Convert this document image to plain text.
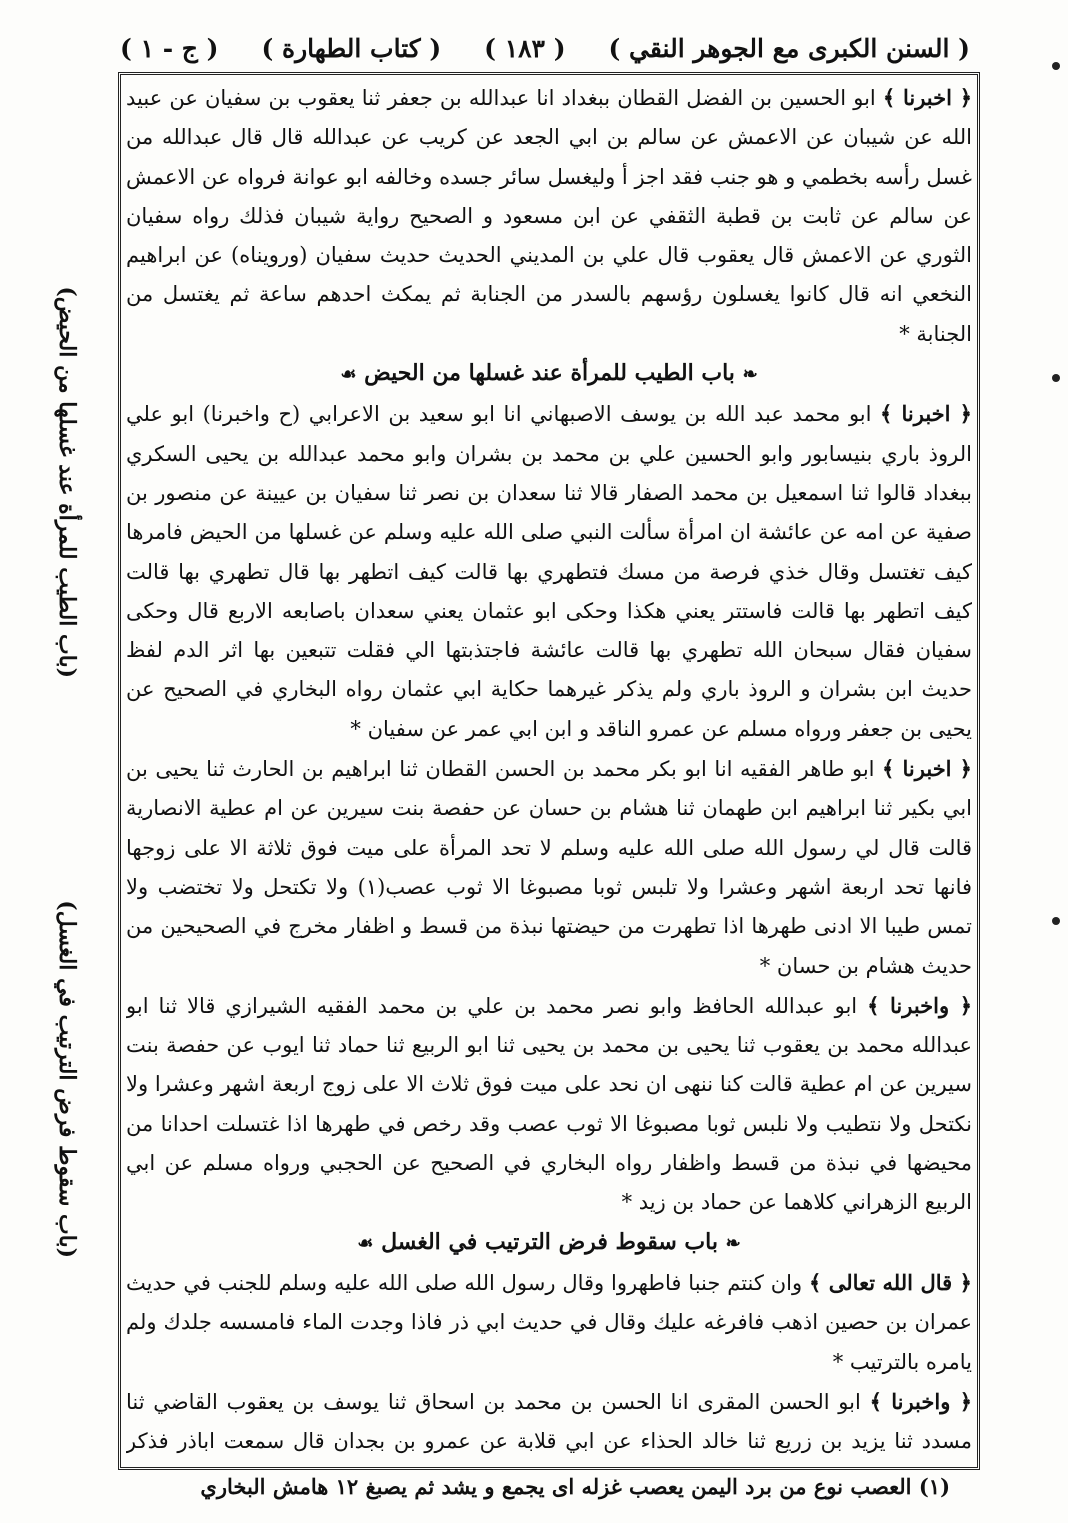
( السنن الكبرى مع الجوهر النقي )
( ١٨٣ )
( كتاب الطهارة )
( ج - ١ )

﴿ اخبرنا ﴾ ابو الحسين بن الفضل القطان ببغداد انا عبدالله بن جعفر ثنا يعقوب بن سفيان عن عبيد الله عن شيبان عن الاعمش عن سالم بن ابي الجعد عن كريب عن عبدالله قال قال عبدالله من غسل رأسه بخطمي و هو جنب فقد اجز أ وليغسل سائر جسده وخالفه ابو عوانة فرواه عن الاعمش عن سالم عن ثابت بن قطبة الثقفي عن ابن مسعود و الصحيح رواية شيبان فذلك رواه سفيان الثوري عن الاعمش قال يعقوب قال علي بن المديني الحديث حديث سفيان (ورويناه) عن ابراهيم النخعي انه قال كانوا يغسلون رؤسهم بالسدر من الجنابة ثم يمكث احدهم ساعة ثم يغتسل من الجنابة *

❧ باب الطيب للمرأة عند غسلها من الحيض ☙

﴿ اخبرنا ﴾ ابو محمد عبد الله بن يوسف الاصبهاني انا ابو سعيد بن الاعرابي (ح واخبرنا) ابو علي الروذ باري بنيسابور وابو الحسين علي بن محمد بن بشران وابو محمد عبدالله بن يحيى السكري ببغداد قالوا ثنا اسمعيل بن محمد الصفار قالا ثنا سعدان بن نصر ثنا سفيان بن عيينة عن منصور بن صفية عن امه عن عائشة ان امرأة سألت النبي صلى الله عليه وسلم عن غسلها من الحيض فامرها كيف تغتسل وقال خذي فرصة من مسك فتطهري بها قالت كيف اتطهر بها قال تطهري بها قالت كيف اتطهر بها قالت فاستتر يعني هكذا وحكى ابو عثمان يعني سعدان باصابعه الاربع قال وحكى سفيان فقال سبحان الله تطهري بها قالت عائشة فاجتذبتها الي فقلت تتبعين بها اثر الدم لفظ حديث ابن بشران و الروذ باري ولم يذكر غيرهما حكاية ابي عثمان رواه البخاري في الصحيح عن يحيى بن جعفر ورواه مسلم عن عمرو الناقد و ابن ابي عمر عن سفيان *

﴿ اخبرنا ﴾ ابو طاهر الفقيه انا ابو بكر محمد بن الحسن القطان ثنا ابراهيم بن الحارث ثنا يحيى بن ابي بكير ثنا ابراهيم ابن طهمان ثنا هشام بن حسان عن حفصة بنت سيرين عن ام عطية الانصارية قالت قال لي رسول الله صلى الله عليه وسلم لا تحد المرأة على ميت فوق ثلاثة الا على زوجها فانها تحد اربعة اشهر وعشرا ولا تلبس ثوبا مصبوغا الا ثوب عصب(١) ولا تكتحل ولا تختضب ولا تمس طيبا الا ادنى طهرها اذا تطهرت من حيضتها نبذة من قسط و اظفار مخرج في الصحيحين من حديث هشام بن حسان *

﴿ واخبرنا ﴾ ابو عبدالله الحافظ وابو نصر محمد بن علي بن محمد الفقيه الشيرازي قالا ثنا ابو عبدالله محمد بن يعقوب ثنا يحيى بن محمد بن يحيى ثنا ابو الربيع ثنا حماد ثنا ايوب عن حفصة بنت سيرين عن ام عطية قالت كنا ننهى ان نحد على ميت فوق ثلاث الا على زوج اربعة اشهر وعشرا ولا نكتحل ولا نتطيب ولا نلبس ثوبا مصبوغا الا ثوب عصب وقد رخص في طهرها اذا غتسلت احدانا من محيضها في نبذة من قسط واظفار رواه البخاري في الصحيح عن الحجبي ورواه مسلم عن ابي الربيع الزهراني كلاهما عن حماد بن زيد *

❧ باب سقوط فرض الترتيب في الغسل ☙

﴿ قال الله تعالى ﴾ وان كنتم جنبا فاطهروا وقال رسول الله صلى الله عليه وسلم للجنب في حديث عمران بن حصين اذهب فافرغه عليك وقال في حديث ابي ذر فاذا وجدت الماء فامسسه جلدك ولم يامره بالترتيب *

﴿ واخبرنا ﴾ ابو الحسن المقرى انا الحسن بن محمد بن اسحاق ثنا يوسف بن يعقوب القاضي ثنا مسدد ثنا يزيد بن زريع ثنا خالد الحذاء عن ابي قلابة عن عمرو بن بجدان قال سمعت اباذر فذكر

(باب الطيب للمرأة عند غسلها من الحيض)
(باب سقوط فرض الترتيب في الغسل)
(١) العصب نوع من برد اليمن يعصب غزله اى يجمع و يشد ثم يصبغ ١٢ هامش البخاري
